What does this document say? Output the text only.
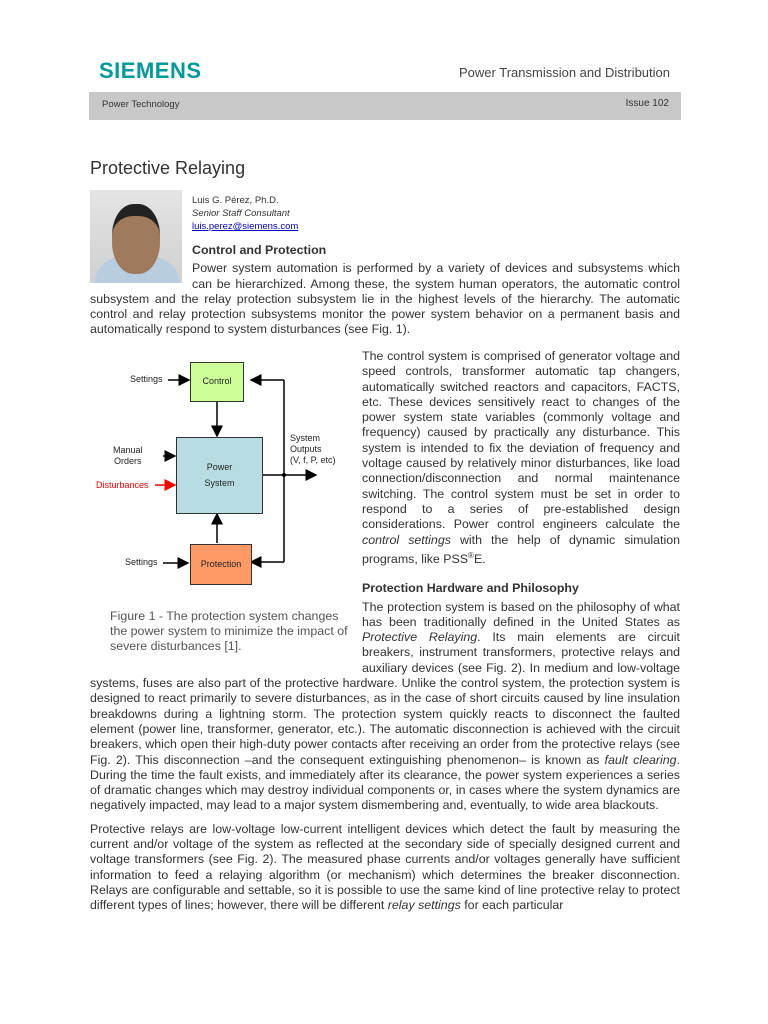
SIEMENS	Power Transmission and Distribution
Power Technology	Issue 102
Protective Relaying
Luis G. Pérez, Ph.D.
Senior Staff Consultant
luis.perez@siemens.com
Control and Protection

Power system automation is performed by a variety of devices and subsystems which can be hierarchized. Among these, the system human operators, the automatic control subsystem and the relay protection subsystem lie in the highest levels of the hierarchy. The automatic control and relay protection subsystems monitor the power system behavior on a permanent basis and automatically respond to system disturbances (see Fig. 1).

Control
Power
System
Protection
Settings
Settings
Manual
Orders
Disturbances
System
Outputs
(V, f, P, etc)
Figure 1 - The protection system changes the power system to minimize the impact of severe disturbances [1].

The control system is comprised of generator voltage and speed controls, transformer automatic tap changers, automatically switched reactors and capacitors, FACTS, etc. These devices sensitively react to changes of the power system state variables (commonly voltage and frequency) caused by practically any disturbance. This system is intended to fix the deviation of frequency and voltage caused by relatively minor disturbances, like load connection/disconnection and normal maintenance switching. The control system must be set in order to respond to a series of pre-established design considerations. Power control engineers calculate the control settings with the help of dynamic simulation programs, like PSS®E.

Protection Hardware and Philosophy

The protection system is based on the philosophy of what has been traditionally defined in the United States as Protective Relaying. Its main elements are circuit breakers, instrument transformers, protective relays and auxiliary devices (see Fig. 2). In medium and low-voltage systems, fuses are also part of the protective hardware. Unlike the control system, the protection system is designed to react primarily to severe disturbances, as in the case of short circuits caused by line insulation breakdowns during a lightning storm. The protection system quickly reacts to disconnect the faulted element (power line, transformer, generator, etc.). The automatic disconnection is achieved with the circuit breakers, which open their high-duty power contacts after receiving an order from the protective relays (see Fig. 2). This disconnection –and the consequent extinguishing phenomenon– is known as fault clearing. During the time the fault exists, and immediately after its clearance, the power system experiences a series of dramatic changes which may destroy individual components or, in cases where the system dynamics are negatively impacted, may lead to a major system dismembering and, eventually, to wide area blackouts.

Protective relays are low-voltage low-current intelligent devices which detect the fault by measuring the current and/or voltage of the system as reflected at the secondary side of specially designed current and voltage transformers (see Fig. 2). The measured phase currents and/or voltages generally have sufficient information to feed a relaying algorithm (or mechanism) which determines the breaker disconnection. Relays are configurable and settable, so it is possible to use the same kind of line protective relay to protect different types of lines; however, there will be different relay settings for each particular
